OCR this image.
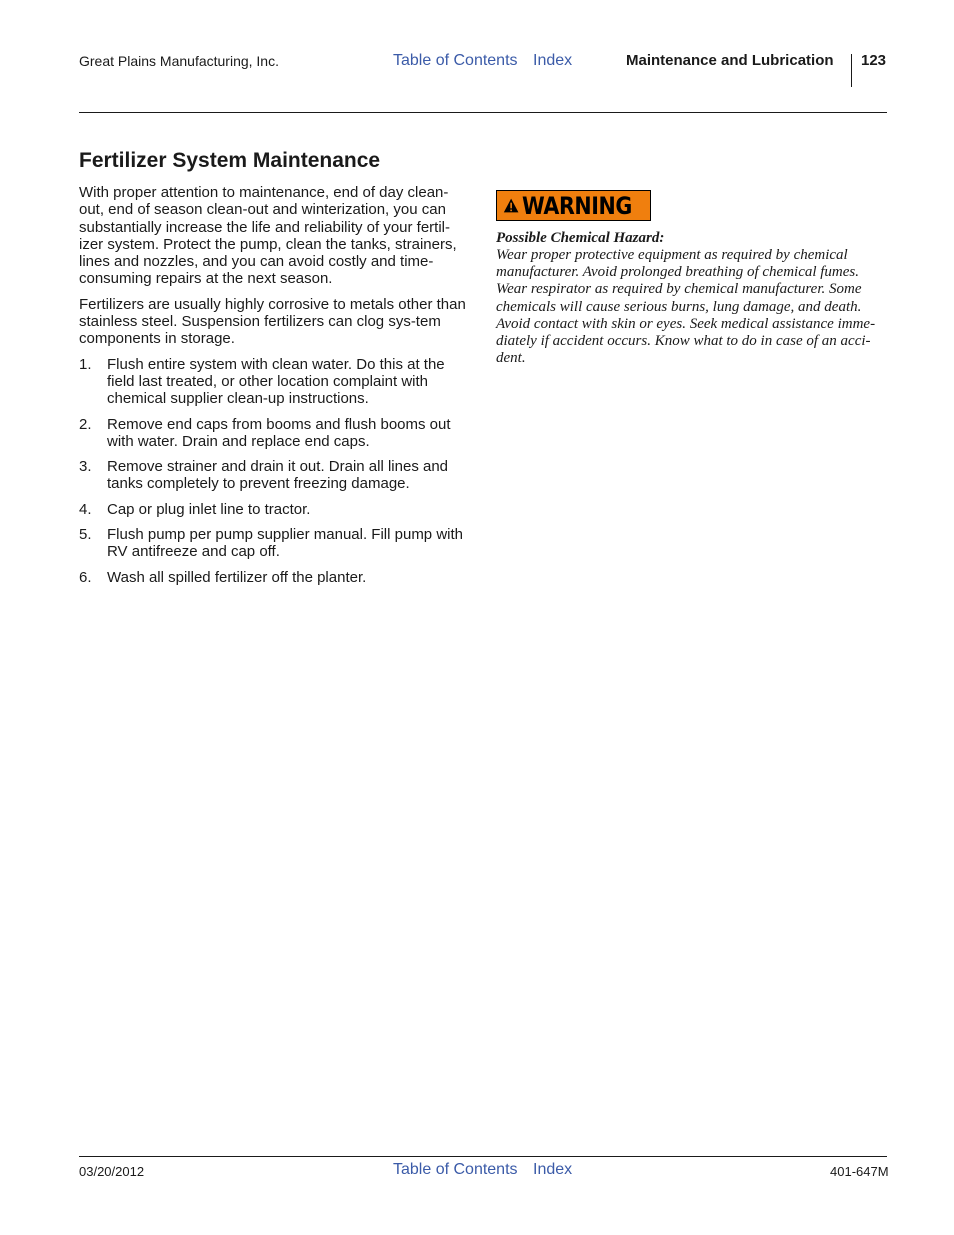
Great Plains Manufacturing, Inc.	Table of Contents Index	Maintenance and Lubrication 123
Fertilizer System Maintenance

With proper attention to maintenance, end of day clean-out, end of season clean-out and winterization, you can substantially increase the life and reliability of your fertil-izer system. Protect the pump, clean the tanks, strainers, lines and nozzles, and you can avoid costly and time-consuming repairs at the next season.

Fertilizers are usually highly corrosive to metals other than stainless steel. Suspension fertilizers can clog sys-tem components in storage.

1. Flush entire system with clean water. Do this at the field last treated, or other location complaint with chemical supplier clean-up instructions.
2. Remove end caps from booms and flush booms out with water. Drain and replace end caps.
3. Remove strainer and drain it out. Drain all lines and tanks completely to prevent freezing damage.
4. Cap or plug inlet line to tractor.
5. Flush pump per pump supplier manual. Fill pump with RV antifreeze and cap off.
6. Wash all spilled fertilizer off the planter.
WARNING
Possible Chemical Hazard:
Wear proper protective equipment as required by chemical manufacturer. Avoid prolonged breathing of chemical fumes. Wear respirator as required by chemical manufacturer. Some chemicals will cause serious burns, lung damage, and death. Avoid contact with skin or eyes. Seek medical assistance imme-diately if accident occurs. Know what to do in case of an acci-dent.
03/20/2012	Table of Contents Index	401-647M
